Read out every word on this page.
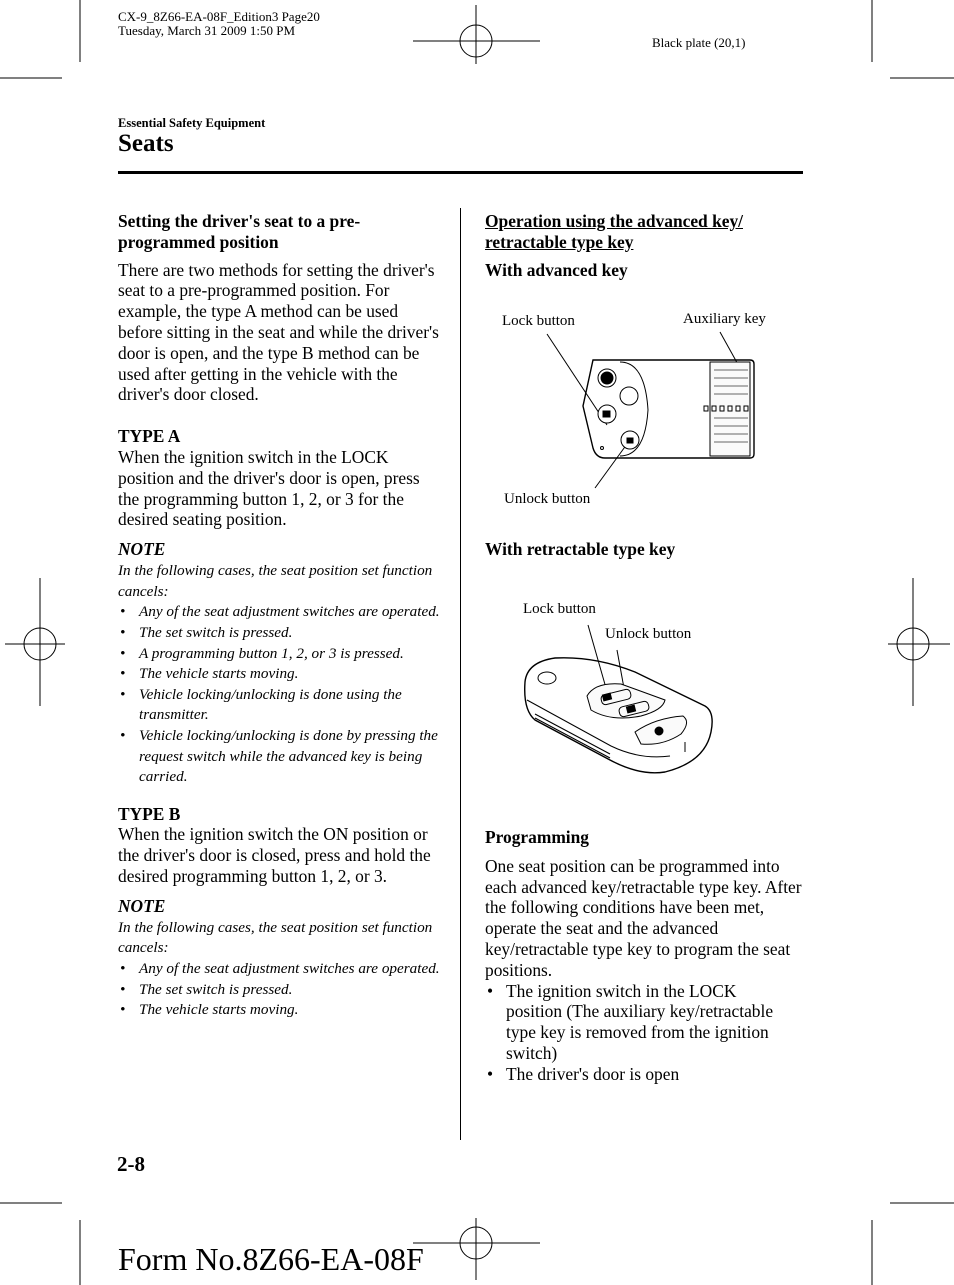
CX-9_8Z66-EA-08F_Edition3 Page20
Tuesday, March 31 2009 1:50 PM
Black plate (20,1)
Essential Safety Equipment
Seats
Setting the driver's seat to a pre-programmed position
There are two methods for setting the driver's seat to a pre-programmed position. For example, the type A method can be used before sitting in the seat and while the driver's door is open, and the type B method can be used after getting in the vehicle with the driver's door closed.
TYPE A
When the ignition switch in the LOCK position and the driver's door is open, press the programming button 1, 2, or 3 for the desired seating position.
NOTE
In the following cases, the seat position set function cancels:
• Any of the seat adjustment switches are operated.
• The set switch is pressed.
• A programming button 1, 2, or 3 is pressed.
• The vehicle starts moving.
• Vehicle locking/unlocking is done using the transmitter.
• Vehicle locking/unlocking is done by pressing the request switch while the advanced key is being carried.
TYPE B
When the ignition switch the ON position or the driver's door is closed, press and hold the desired programming button 1, 2, or 3.
NOTE
In the following cases, the seat position set function cancels:
• Any of the seat adjustment switches are operated.
• The set switch is pressed.
• The vehicle starts moving.
Operation using the advanced key/ retractable type key
With advanced key
Lock button	Auxiliary key
Unlock button
With retractable type key
Lock button
Unlock button
Programming
One seat position can be programmed into each advanced key/retractable type key. After the following conditions have been met, operate the seat and the advanced key/retractable type key to program the seat positions.
• The ignition switch in the LOCK position (The auxiliary key/retractable type key is removed from the ignition switch)
• The driver's door is open
2-8
Form No.8Z66-EA-08F
